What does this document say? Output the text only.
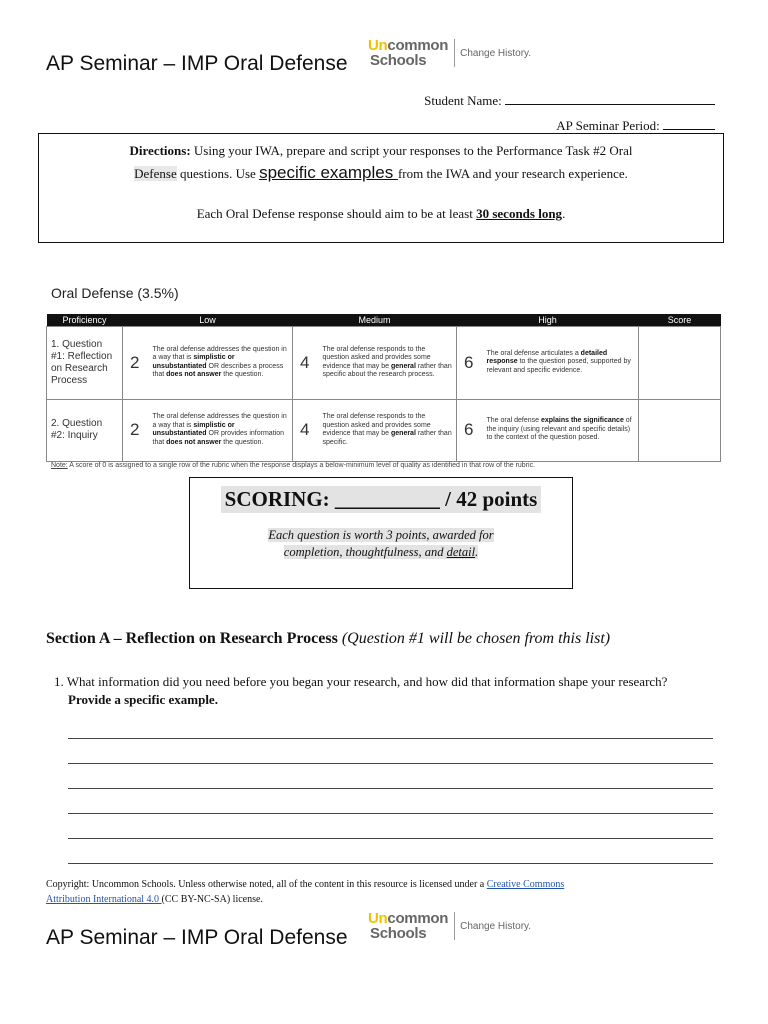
AP Seminar – IMP Oral Defense
Uncommon
Schools	Change History.
Student Name:
AP Seminar Period:
Directions: Using your IWA, prepare and script your responses to the Performance Task #2 Oral
Defense questions. Use specific examples from the IWA and your research experience.
Each Oral Defense response should aim to be at least 30 seconds long.
Oral Defense (3.5%)
Proficiency	Low		Medium		High		Score
1. Question #1: Reflection on Research Process	2	The oral defense addresses the question in a way that is simplistic or unsubstantiated OR describes a process that does not answer the question.	4	The oral defense responds to the question asked and provides some evidence that may be general rather than specific about the research process.	6	The oral defense articulates a detailed response to the question posed, supported by relevant and specific evidence.	
2. Question #2: Inquiry	2	The oral defense addresses the question in a way that is simplistic or unsubstantiated OR provides information that does not answer the question.	4	The oral defense responds to the question asked and provides some evidence that may be general rather than specific.	6	The oral defense explains the significance of the inquiry (using relevant and specific details) to the context of the question posed.	
Note: A score of 0 is assigned to a single row of the rubric when the response displays a below-minimum level of quality as identified in that row of the rubric.
SCORING: __________ / 42 points
Each question is worth 3 points, awarded for
completion, thoughtfulness, and detail.
Section A – Reflection on Research Process (Question #1 will be chosen from this list)
1. What information did you need before you began your research, and how did that information shape your research? Provide a specific example.
Copyright: Uncommon Schools. Unless otherwise noted, all of the content in this resource is licensed under a Creative Commons
Attribution International 4.0 (CC BY-NC-SA) license.
AP Seminar – IMP Oral Defense
Uncommon
Schools	Change History.
